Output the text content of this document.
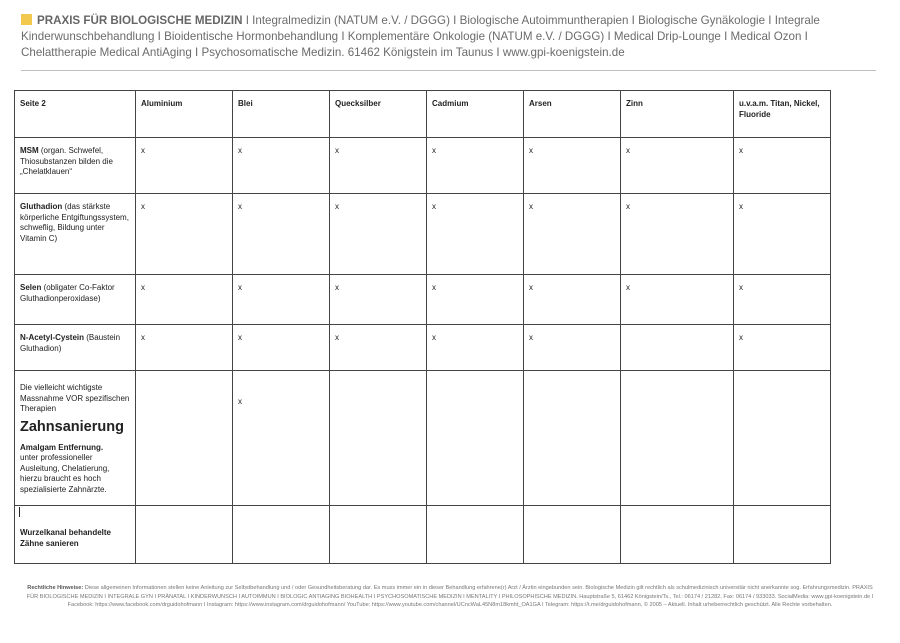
PRAXIS FÜR BIOLOGISCHE MEDIZIN I Integralmedizin (NATUM e.V. / DGGG) I Biologische Autoimmuntherapien I Biologische Gynäkologie I Integrale Kinderwunschbehandlung I Bioidentische Hormonbehandlung I Komplementäre Onkologie (NATUM e.V. / DGGG) I Medical Drip-Lounge I Medical Ozon I Chelattherapie Medical AntiAging I Psychosomatische Medizin. 61462 Königstein im Taunus I www.gpi-koenigstein.de
Seite 2	Aluminium	Blei	Quecksilber	Cadmium	Arsen	Zinn	u.v.a.m. Titan, Nickel, Fluoride
MSM (organ. Schwefel, Thiosubstanzen bilden die „Chelatklauen“	x	x	x	x	x	x	x
Gluthadion (das stärkste körperliche Entgiftungssystem, schweflig, Bildung unter Vitamin C)	x	x	x	x	x	x	x
Selen (obligater Co-Faktor Gluthadionperoxidase)	x	x	x	x	x	x	x
N-Acetyl-Cystein (Baustein Gluthadion)	x	x	x	x	x		x
Die vielleicht wichtigste Massnahme VOR spezifischen Therapien
Zahnsanierung
Amalgam Entfernung.
unter professioneller Ausleitung, Chelatierung, hierzu braucht es hoch spezialisierte Zahnärzte.		x					
Wurzelkanal behandelte Zähne sanieren							
Rechtliche Hinweise: Diese allgemeinen Informationen stellen keine Anleitung zur Selbstbehandlung und / oder Gesundheitsberatung dar. Es muss immer ein in dieser Behandlung erfahrene(r) Arzt / Ärztin eingebunden sein. Biologische Medizin gilt rechtlich als schulmedizinisch universitär nicht anerkannte sog. Erfahrungsmedizin. PRAXIS FÜR BIOLOGISCHE MEDIZIN I INTEGRALE GYN I PRÄNATAL I KINDERWUNSCH I AUTOIMMUN I BIOLOGIC ANTIAGING BIOHEALTH I PSYCHOSOMATISCHE MEDIZIN I MENTALITY I PHILOSOPHISCHE MEDIZIN. Hauptstraße 5, 61462 Königstein/Ts., Tel.: 06174 / 21282, Fax: 06174 / 933033. SocialMedia: www.gpi-koenigstein.de I Facebook: https://www.facebook.com/drguidohofmann I Instagram: https://www.instagram.com/drguidohofmann/ YouTube: https://www.youtube.com/channel/UCncWaL45N8m18kmht_OA1GA I Telegram: https://t.me/drguidohofmann, © 2005 – Aktuell. Inhalt urheberrechtlich geschützt. Alle Rechte vorbehalten.
